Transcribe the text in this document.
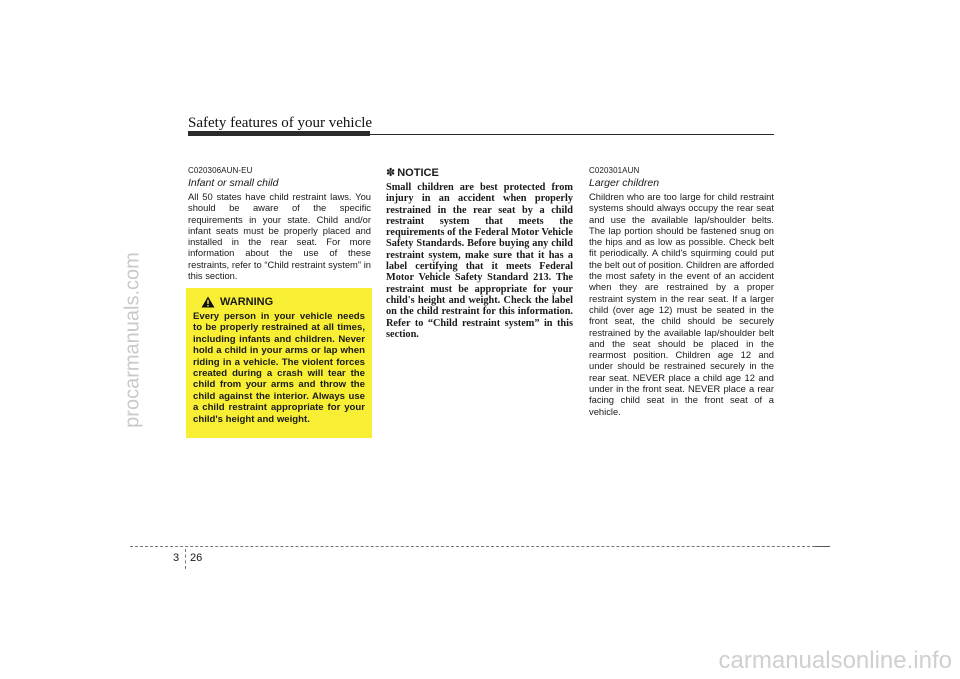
procarmanuals.com
carmanualsonline.info
Safety features of your vehicle
C020306AUN-EU
Infant or small child

All 50 states have child restraint laws. You should be aware of the specific requirements in your state. Child and/or infant seats must be properly placed and installed in the rear seat. For more information about the use of these restraints, refer to “Child restraint system” in this section.

WARNING

Every person in your vehicle needs to be properly restrained at all times, including infants and children. Never hold a child in your arms or lap when riding in a vehicle. The violent forces created during a crash will tear the child from your arms and throw the child against the interior. Always use a child restraint appropriate for your child's height and weight.

✽ NOTICE

Small children are best protected from injury in an accident when properly restrained in the rear seat by a child restraint system that meets the requirements of the Federal Motor Vehicle Safety Standards. Before buying any child restraint system, make sure that it has a label certifying that it meets Federal Motor Vehicle Safety Standard 213. The restraint must be appropriate for your child's height and weight. Check the label on the child restraint for this information. Refer to “Child restraint system” in this section.

C020301AUN
Larger children

Children who are too large for child restraint systems should always occupy the rear seat and use the available lap/shoulder belts. The lap portion should be fastened snug on the hips and as low as possible. Check belt fit periodically. A child's squirming could put the belt out of position. Children are afforded the most safety in the event of an accident when they are restrained by a proper restraint system in the rear seat. If a larger child (over age 12) must be seated in the front seat, the child should be securely restrained by the available lap/shoulder belt and the seat should be placed in the rearmost position. Children age 12 and under should be restrained securely in the rear seat. NEVER place a child age 12 and under in the front seat. NEVER place a rear facing child seat in the front seat of a vehicle.

3 26
